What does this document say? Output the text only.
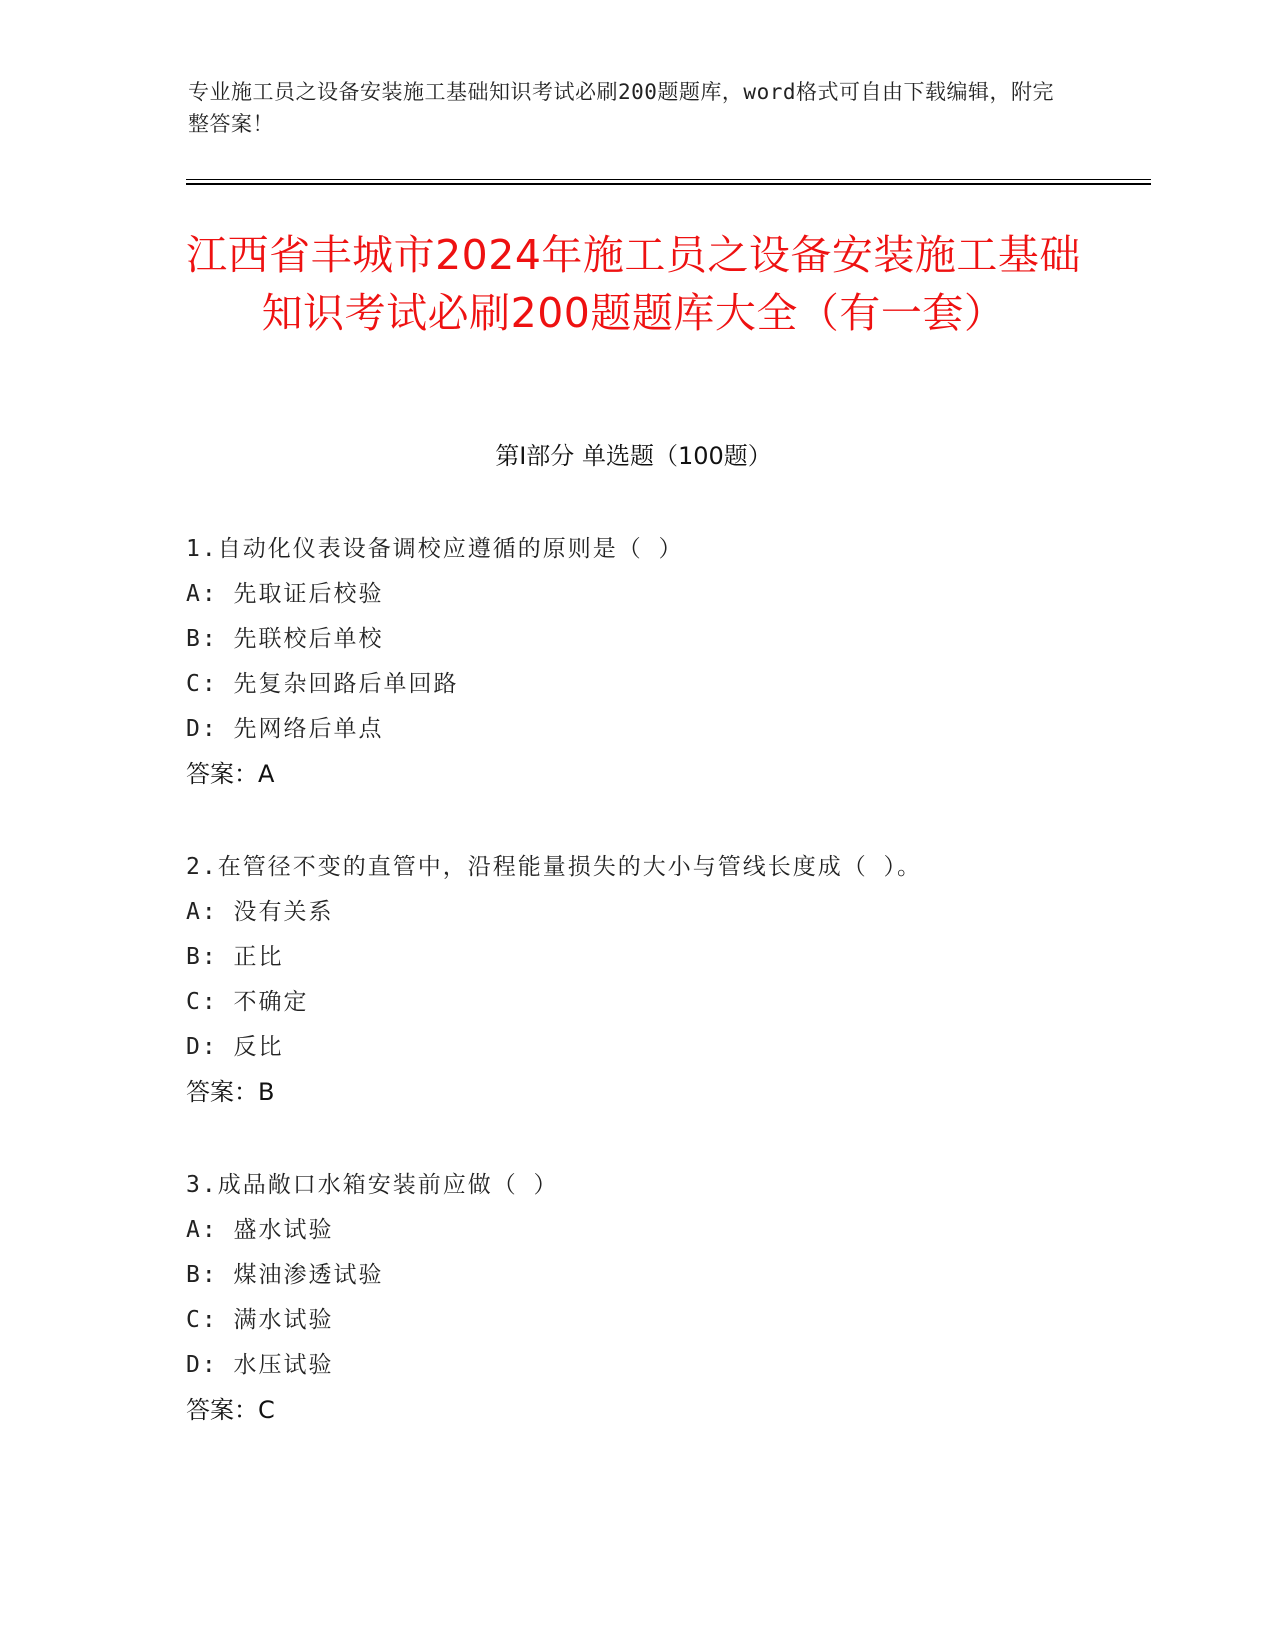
专业施工员之设备安装施工基础知识考试必刷200题题库，word格式可自由下载编辑，附完整答案！
江西省丰城市2024年施工员之设备安装施工基础知识考试必刷200题题库大全（有一套）
第Ⅰ部分 单选题（100题）
1.自动化仪表设备调校应遵循的原则是（ ）
A: 先取证后校验
B: 先联校后单校
C: 先复杂回路后单回路
D: 先网络后单点
答案：A
2.在管径不变的直管中，沿程能量损失的大小与管线长度成（ ）。
A: 没有关系
B: 正比
C: 不确定
D: 反比
答案：B
3.成品敞口水箱安装前应做（ ）
A: 盛水试验
B: 煤油渗透试验
C: 满水试验
D: 水压试验
答案：C
